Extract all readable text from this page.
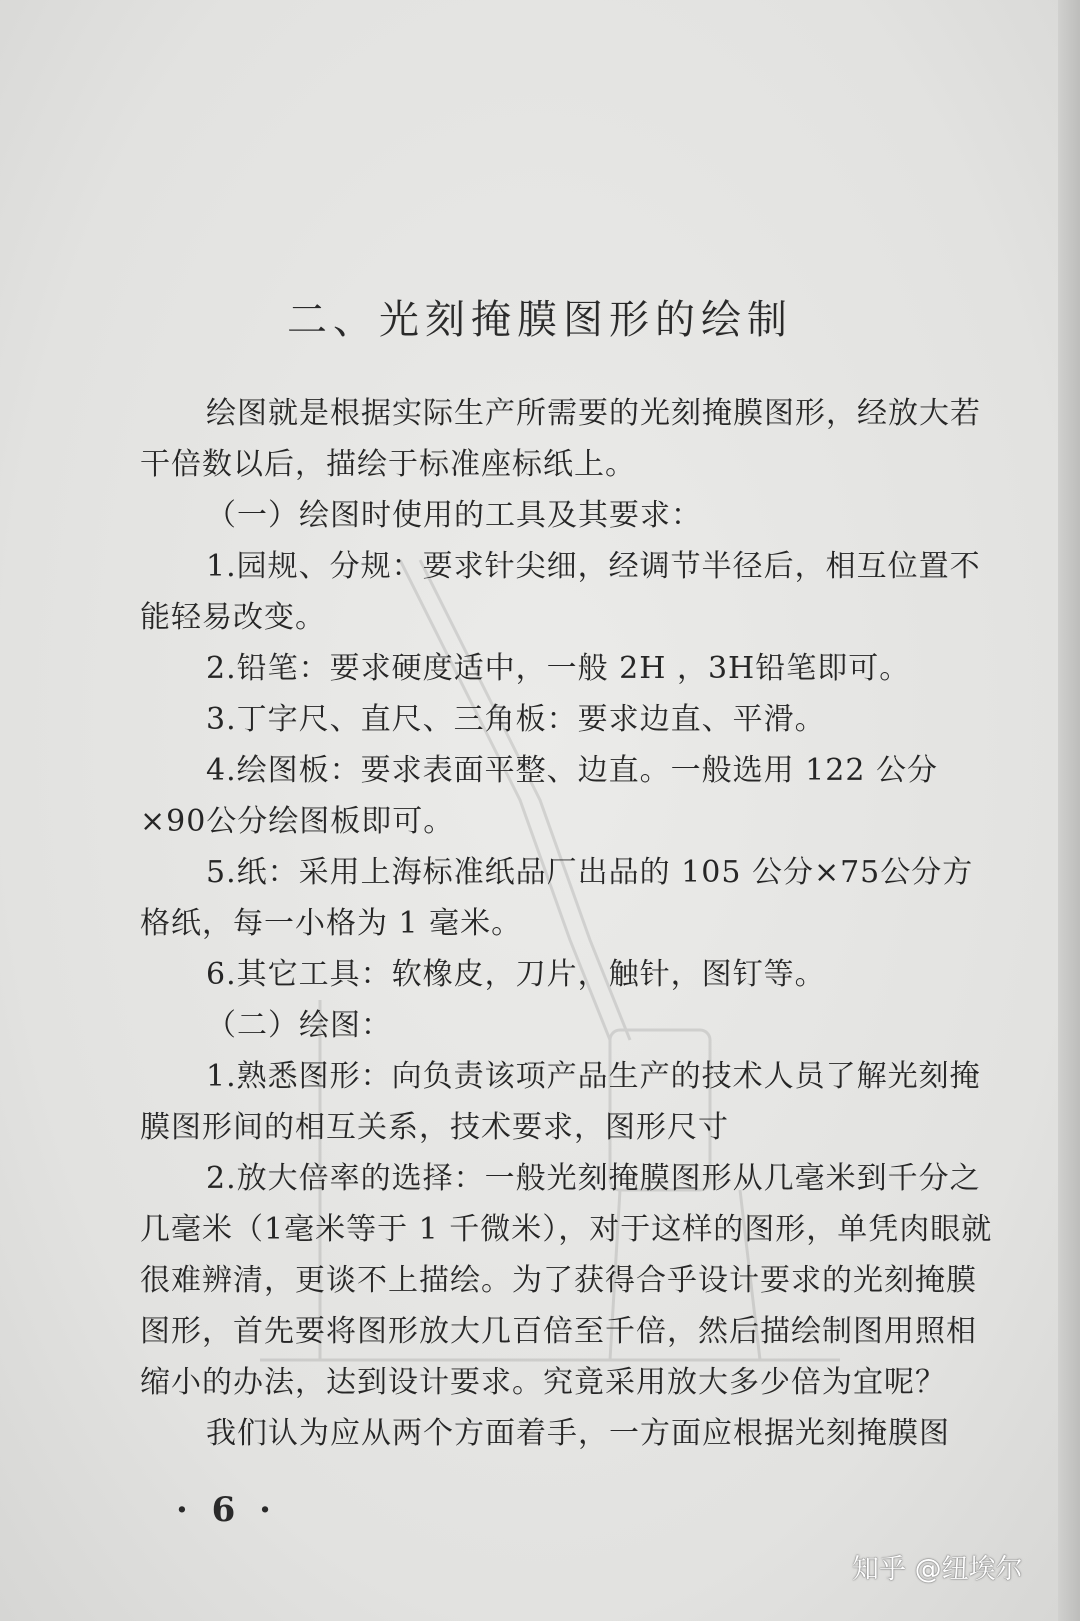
二、光刻掩膜图形的绘制

绘图就是根据实际生产所需要的光刻掩膜图形，经放大若干倍数以后，描绘于标准座标纸上。

（一）绘图时使用的工具及其要求：

1.园规、分规：要求针尖细，经调节半径后，相互位置不能轻易改变。

2.铅笔：要求硬度适中，一般 2H ，3H铅笔即可。

3.丁字尺、直尺、三角板：要求边直、平滑。

4.绘图板：要求表面平整、边直。一般选用 122 公分×90公分绘图板即可。

5.纸：采用上海标准纸品厂出品的 105 公分×75公分方格纸，每一小格为 1 毫米。

6.其它工具：软橡皮，刀片，触针，图钉等。

（二）绘图：

1.熟悉图形：向负责该项产品生产的技术人员了解光刻掩膜图形间的相互关系，技术要求，图形尺寸

2.放大倍率的选择：一般光刻掩膜图形从几毫米到千分之几毫米（1毫米等于 1 千微米），对于这样的图形，单凭肉眼就很难辨清，更谈不上描绘。为了获得合乎设计要求的光刻掩膜图形，首先要将图形放大几百倍至千倍，然后描绘制图用照相缩小的办法，达到设计要求。究竟采用放大多少倍为宜呢？

我们认为应从两个方面着手，一方面应根据光刻掩膜图

· 6 ·
知乎 @纽埃尔
